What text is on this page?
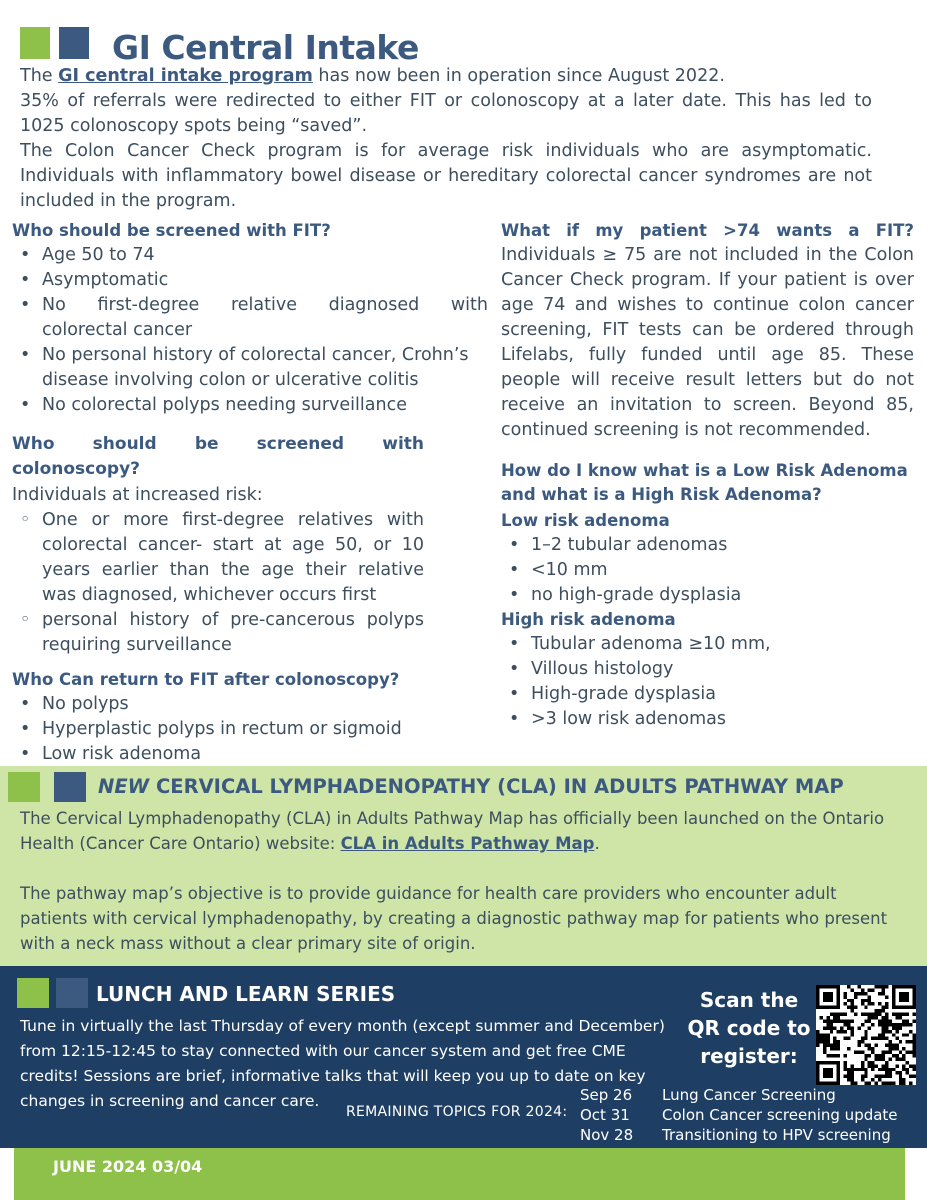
GI Central Intake

The GI central intake program has now been in operation since August 2022.

35% of referrals were redirected to either FIT or colonoscopy at a later date. This has led to 1025 colonoscopy spots being “saved”.

The Colon Cancer Check program is for average risk individuals who are asymptomatic. Individuals with inflammatory bowel disease or hereditary colorectal cancer syndromes are not included in the program.

Who should be screened with FIT?
• Age 50 to 74
• Asymptomatic
• No first-degree relative diagnosed with
colorectal cancer
• No personal history of colorectal cancer, Crohn’s disease involving colon or ulcerative colitis
• No colorectal polyps needing surveillance
Who should be screened with colonoscopy?
Individuals at increased risk:
◦ One or more first-degree relatives with colorectal cancer- start at age 50, or 10 years earlier than the age their relative was diagnosed, whichever occurs first
◦ personal history of pre-cancerous polyps requiring surveillance
Who Can return to FIT after colonoscopy?
• No polyps
• Hyperplastic polyps in rectum or sigmoid
• Low risk adenoma
What if my patient >74 wants a FIT?
Individuals ≥ 75 are not included in the Colon Cancer Check program. If your patient is over age 74 and wishes to continue colon cancer screening, FIT tests can be ordered through Lifelabs, fully funded until age 85. These people will receive result letters but do not receive an invitation to screen. Beyond 85, continued screening is not recommended.
How do I know what is a Low Risk Adenoma and what is a High Risk Adenoma?
Low risk adenoma
• 1–2 tubular adenomas
• <10 mm
• no high-grade dysplasia
High risk adenoma
• Tubular adenoma ≥10 mm,
• Villous histology
• High-grade dysplasia
• >3 low risk adenomas
NEW CERVICAL LYMPHADENOPATHY (CLA) IN ADULTS PATHWAY MAP

The Cervical Lymphadenopathy (CLA) in Adults Pathway Map has officially been launched on the Ontario Health (Cancer Care Ontario) website: CLA in Adults Pathway Map.

The pathway map’s objective is to provide guidance for health care providers who encounter adult patients with cervical lymphadenopathy, by creating a diagnostic pathway map for patients who present with a neck mass without a clear primary site of origin.

LUNCH AND LEARN SERIES
Tune in virtually the last Thursday of every month (except summer and December) from 12:15-12:45 to stay connected with our cancer system and get free CME credits! Sessions are brief, informative talks that will keep you up to date on key changes in screening and cancer care.
Scan the QR code to register:
REMAINING TOPICS FOR 2024:
Sep 26 Lung Cancer Screening
Oct 31 Colon Cancer screening update
Nov 28 Transitioning to HPV screening
JUNE 2024 03/04
